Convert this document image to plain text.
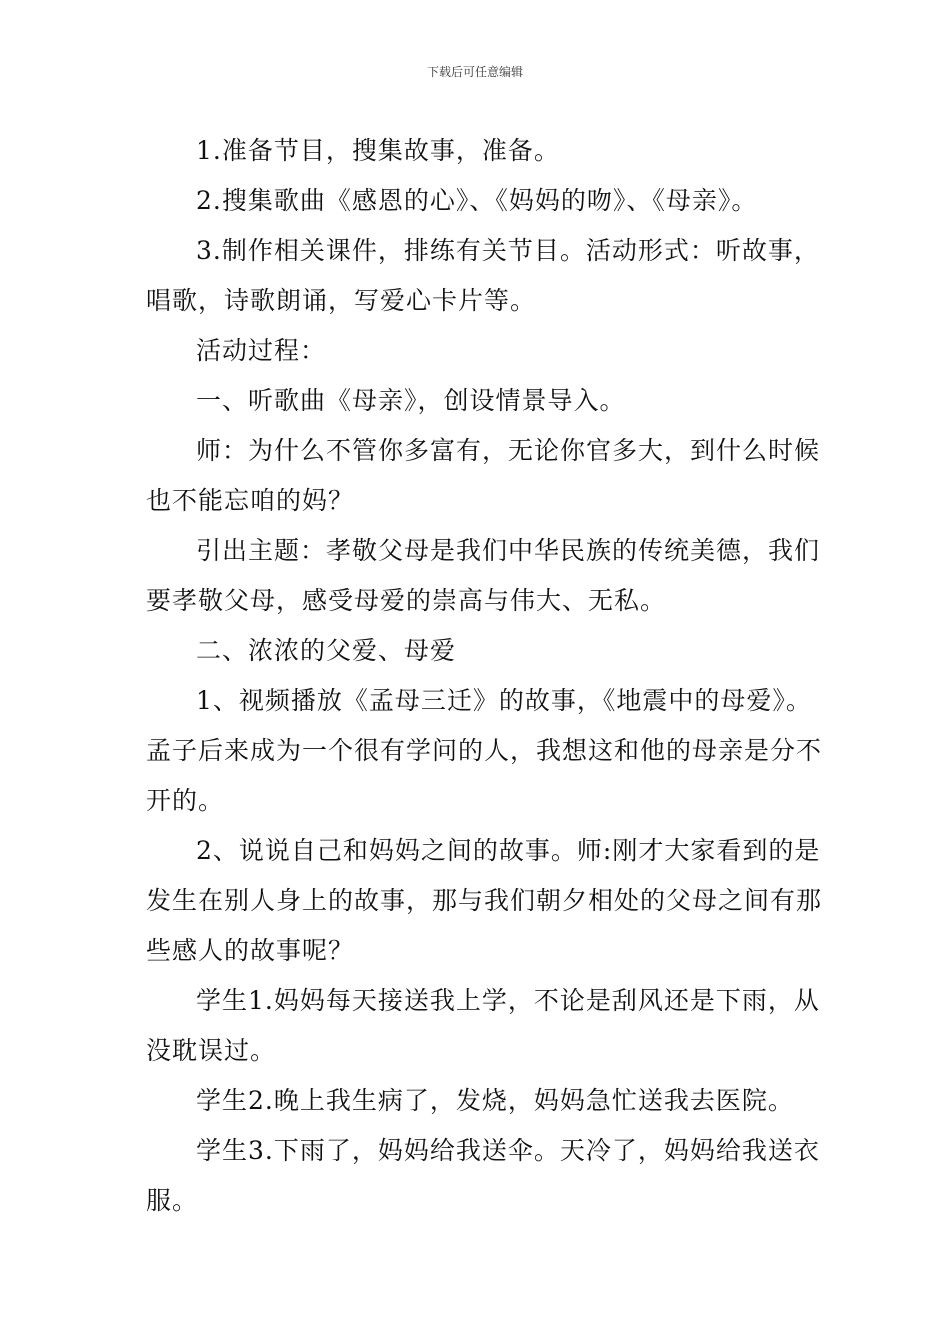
下载后可任意编辑

1.准备节目，搜集故事，准备。

2.搜集歌曲《感恩的心》、《妈妈的吻》、《母亲》。

3.制作相关课件，排练有关节目。活动形式：听故事，唱歌，诗歌朗诵，写爱心卡片等。

活动过程：

一、听歌曲《母亲》，创设情景导入。

师：为什么不管你多富有，无论你官多大，到什么时候也不能忘咱的妈？

引出主题：孝敬父母是我们中华民族的传统美德，我们要孝敬父母，感受母爱的崇高与伟大、无私。

二、浓浓的父爱、母爱

1、视频播放《孟母三迁》的故事，《地震中的母爱》。孟子后来成为一个很有学问的人，我想这和他的母亲是分不开的。

2、说说自己和妈妈之间的故事。师:刚才大家看到的是发生在别人身上的故事，那与我们朝夕相处的父母之间有那些感人的故事呢？

学生1.妈妈每天接送我上学，不论是刮风还是下雨，从没耽误过。

学生2.晚上我生病了，发烧，妈妈急忙送我去医院。

学生3.下雨了，妈妈给我送伞。天冷了，妈妈给我送衣服。
